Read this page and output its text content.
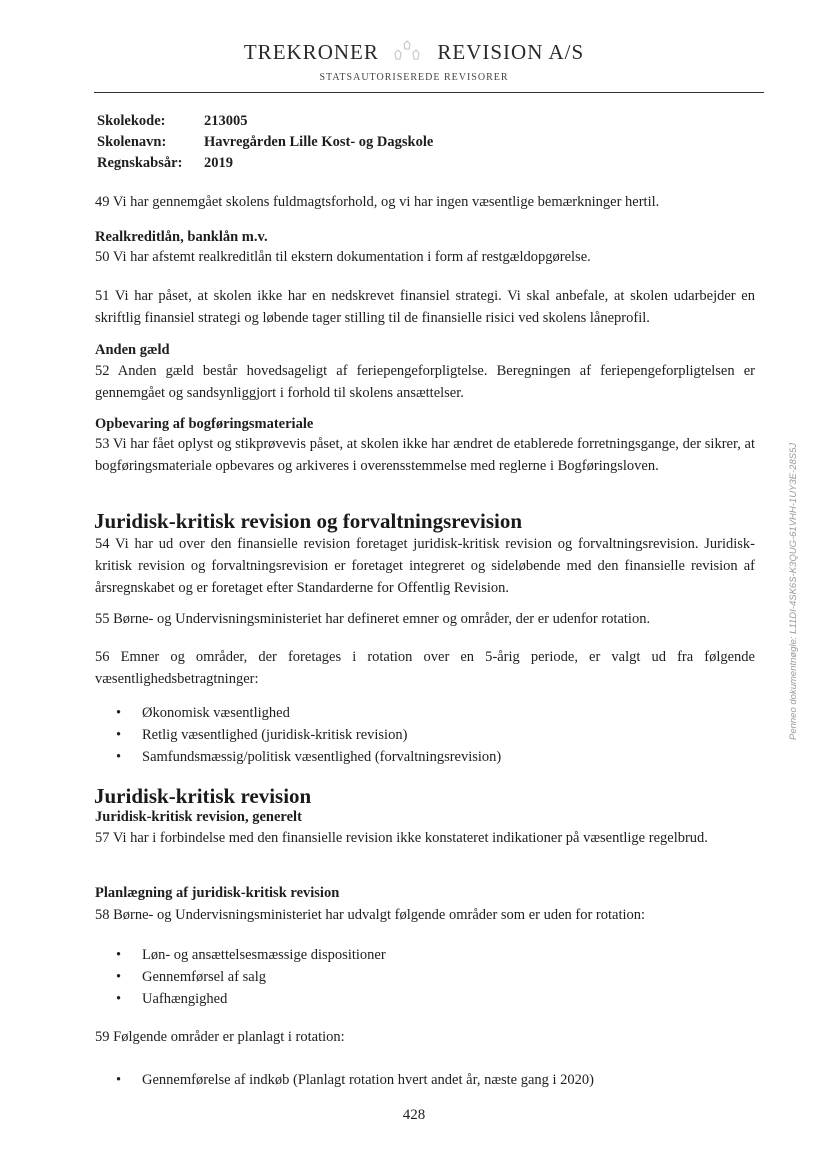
TREKRONER	REVISION A/S
STATSAUTORISEREDE REVISORER
Skolekode:	213005
Skolenavn:	Havregården Lille Kost- og Dagskole
Regnskabsår: 2019
49 Vi har gennemgået skolens fuldmagtsforhold, og vi har ingen væsentlige bemærkninger hertil.
Realkreditlån, banklån m.v.
50 Vi har afstemt realkreditlån til ekstern dokumentation i form af restgældopgørelse.
51 Vi har påset, at skolen ikke har en nedskrevet finansiel strategi. Vi skal anbefale, at skolen udarbejder en skriftlig finansiel strategi og løbende tager stilling til de finansielle risici ved skolens låneprofil.
Anden gæld
52 Anden gæld består hovedsageligt af feriepengeforpligtelse. Beregningen af feriepengeforpligtelsen er gennemgået og sandsynliggjort i forhold til skolens ansættelser.
Opbevaring af bogføringsmateriale
53 Vi har fået oplyst og stikprøvevis påset, at skolen ikke har ændret de etablerede forretningsgange, der sikrer, at bogføringsmateriale opbevares og arkiveres i overensstemmelse med reglerne i Bogføringsloven.
Juridisk-kritisk revision og forvaltningsrevision
54 Vi har ud over den finansielle revision foretaget juridisk-kritisk revision og forvaltningsrevision. Juridisk-kritisk revision og forvaltningsrevision er foretaget integreret og sideløbende med den finansielle revision af årsregnskabet og er foretaget efter Standarderne for Offentlig Revision.
55 Børne- og Undervisningsministeriet har defineret emner og områder, der er udenfor rotation.
56 Emner og områder, der foretages i rotation over en 5-årig periode, er valgt ud fra følgende væsentlighedsbetragtninger:
• Økonomisk væsentlighed
• Retlig væsentlighed (juridisk-kritisk revision)
• Samfundsmæssig/politisk væsentlighed (forvaltningsrevision)
Juridisk-kritisk revision
Juridisk-kritisk revision, generelt
57 Vi har i forbindelse med den finansielle revision ikke konstateret indikationer på væsentlige regelbrud.
Planlægning af juridisk-kritisk revision
58 Børne- og Undervisningsministeriet har udvalgt følgende områder som er uden for rotation:
• Løn- og ansættelsesmæssige dispositioner
• Gennemførsel af salg
• Uafhængighed
59 Følgende områder er planlagt i rotation:
• Gennemførelse af indkøb (Planlagt rotation hvert andet år, næste gang i 2020)
428
Penneo dokumentnøgle: L11DI-4SK6S-K3QUG-61VHH-1UY3E-28S5J
